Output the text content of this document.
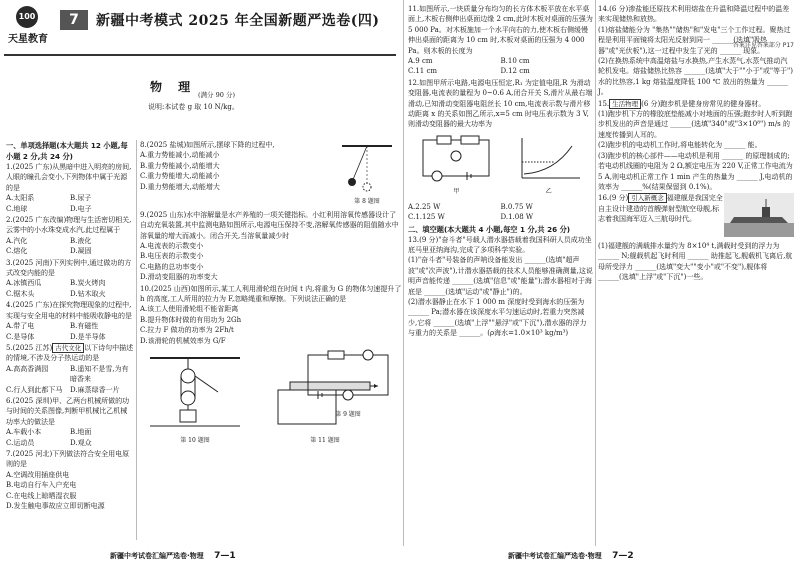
100
天星教育
7	新疆中考模式 2025 年全国新题严选卷(四)
答案详见答案部分 P17
物 理
(满分 90 分)
说明:本试卷 g 取 10 N/kg。
一、单项选择题(本大题共 12 小题,每小题 2 分,共 24 分)
1.(2025 广东)从黑暗中进入明亮的房间,人眼的瞳孔会变小,下列物体中属于光源的是
A.太阳系	B.尿子
C.地球	D.电子
2.(2025 广东改编)物理与生活密切相关,云雾中的小水珠变成水汽,此过程属于
A.汽化	B.液化
C.熔化	D.凝固
3.(2025 河南)下列实例中,通过做功的方式改变内能的是
A.冰镇西瓜	B.炭火烤肉
C.锯木头	D.钻木取火
4.(2025 广东)在探究物理现象的过程中,实现与安全用电的材料中能吸收静电的是
A.带了电	B.有磁性
C.是导体	D.是半导体
5.(2025 江苏) 古代文化 以下诗句中描述的情境,不涉及分子热运动的是
A.高高香满园	B.遥知不是雪,为有暗香来
C.行人到此都下马	D.麻蒸绿香一片
6.(2025 深圳)甲、乙两台机械所做的功与时间的关系图像,判断甲机械比乙机械功率大的做法是
A.车载小本	B.地面
C.运动员	D.观众
7.(2025 河北)下列做法符合安全用电原则的是
A.空调改用插座供电
B.电动自行车入户充电
C.在电线上晾晒湿衣服
D.发生触电事故应立即切断电源
8.(2025 盐城)如图所示,摆球下降的过程中,
A.重力势能减小,动能减小
B.重力势能减小,动能增大
C.重力势能增大,动能减小
D.重力势能增大,动能增大
第 8 题图
9.(2025 山东)水中溶解量是水产养殖的一项关键指标。小红利用溶氧传感器设计了自动充氧装置,其中监测电路如图所示,电源电压保持不变,溶解氧传感器的阻值随水中溶氧量的增大而减小。闭合开关,当溶氧量减少时
A.电流表的示数变小
B.电压表的示数变小
C.电路的总功率变小
D.滑动变阻器的功率变大
10.(2025 山西)如图所示,某工人利用滑轮组在时间 t 内,将重为 G 的物体匀速提升了 h 的高度,工人所用的拉力为 F,忽略绳重和摩擦。下列说法正确的是
A.该工人使用滑轮组不能省距离
B.提升物体时做的有用功为 2Gh
C.拉力 F 做功的功率为 2Fh/t
D.该滑轮的机械效率为 G/F
第 10 题图	第 11 题图
第 9 题图
11.如图所示,一块质量分布均匀的长方体木板平放在水平桌面上,木板右侧伸出桌面边缘 2 cm,此时木板对桌面的压强为 5 000 Pa。对木板施加一个水平向右的力,使木板右侧缓慢伸出桌面的距离为 10 cm 时,木板对桌面的压强为 4 000 Pa。则木板的长度为
A.9 cm	B.10 cm
C.11 cm	D.12 cm
12.如图甲所示电路,电源电压恒定,R₁ 为定值电阻,R 为滑动变阻器,电流表的量程为 0~0.6 A,闭合开关 S,滑片从最右端滑动,已知滑动变阻器电阻丝长 10 cm,电流表示数与滑片移动距离 x 的关系如图乙所示,x=5 cm 时电压表示数为 3 V,则滑动变阻器的最大功率为
甲	乙
A.2.25 W	B.0.75 W
C.1.125 W	D.1.08 W
二、填空题(本大题共 4 小题,每空 1 分,共 26 分)
13.(9 分)"奋斗者"号载人潜水器搭载着我国科研人员成功坐底马里亚纳海沟,完成了多项科学实验。
(1)"奋斗者"号装备的声呐设备能发出 ______(选填"超声波"或"次声波"),计潜水器搭载的技术人员能够准确测量,这说明声音能传递 ______(选填"信息"或"能量");潜水器相对于海底是 ______(选填"运动"或"静止")的。
(2)潜水器静止在水下 1 000 m 深度时受到海水的压强为 ______ Pa;潜水器在该深度水平匀速运动时,若重力突然减少,它将 ______(选填"上浮""悬浮"或"下沉"),潜水器的浮力与重力的关系是 ______。(ρ海水=1.0×10³ kg/m³)
14.(6 分)渗盐能还原技术利用熔盐在升温和降温过程中的温差来实现储热和放热。
(1)熔盐储能分为 "集热""储热"和"发电"三个工作过程。聚热过程是利用平面镜将太阳光反射到同一 ______(选填"吸热器"或"光伏板"),这一过程中发生了光的 ______ 现象。
(2)在换热系统中高温熔盐与水换热,产生水蒸气,水蒸气推动汽轮机发电。熔盐储热比热容 ______(选填"大于""小于"或"等于")水的比热容,1 kg 熔盐温度降低 100 ℃ 放出的热量为 ______ J。
15. 生活物理 (6 分)跑步机是健身房常见的健身器材。
(1)跑步机下方的橡胶底垫能减小对地面的压强;跑步时人听到跑步机发出的声音是通过 ______(选填"340"或"3×10⁸") m/s 的速度传播到人耳的。
(2)跑步机的电动机工作时,将电能转化为 ______ 能。
(3)跑步机的核心部件——电动机是利用 ______ 的原理制成的;若电动机线圈的电阻为 2 Ω,额定电压为 220 V,正常工作电流为 5 A,则电动机正常工作 1 min 产生的热量为 ______ J,电动机的效率为 ______%(结果保留到 0.1%)。
16.(9 分) 引入新概念 福建舰是我国完全自主设计建造的首艘弹射型航空母舰,标志着我国海军迈入三航母时代。
(1)福建舰的满载排水量约为 8×10⁴ t,满载时受到的浮力为 ______ N;舰载机起飞时利用 ______ 助推起飞,舰载机飞离后,航母所受浮力 ______(选填"变大""变小"或"不变"),舰体将 ______(选填"上浮"或"下沉")一些。
新疆中考试卷汇编严选卷·物理 7—1	新疆中考试卷汇编严选卷·物理 7—2
